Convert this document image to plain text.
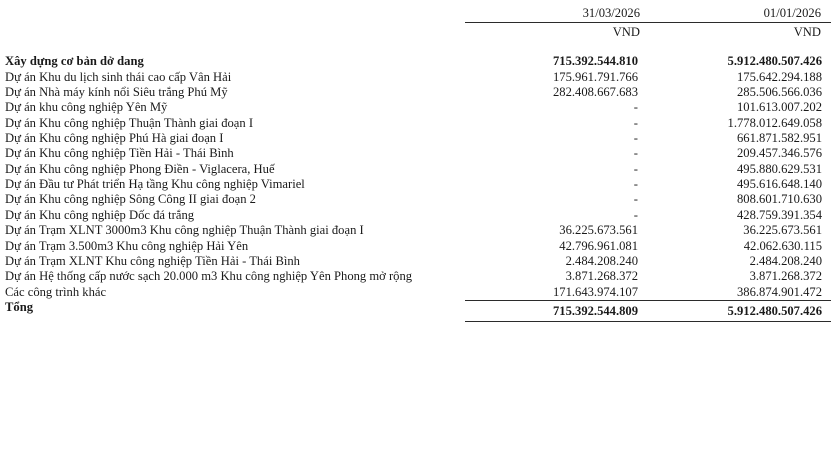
	31/03/2026	01/01/2026
	VND	VND

Xây dựng cơ bản dở dang	715.392.544.810	5.912.480.507.426
Dự án Khu du lịch sinh thái cao cấp Vân Hải	175.961.791.766	175.642.294.188
Dự án Nhà máy kính nổi Siêu trắng Phú Mỹ	282.408.667.683	285.506.566.036
Dự án khu công nghiệp Yên Mỹ	-	101.613.007.202
Dự án Khu công nghiệp Thuận Thành giai đoạn I	-	1.778.012.649.058
Dự án Khu công nghiệp Phú Hà giai đoạn I	-	661.871.582.951
Dự án Khu công nghiệp Tiền Hải - Thái Bình	-	209.457.346.576
Dự án Khu công nghiệp Phong Điền - Viglacera, Huế	-	495.880.629.531
Dự án Đầu tư Phát triển Hạ tầng Khu công nghiệp Vimariel	-	495.616.648.140
Dự án Khu công nghiệp Sông Công II giai đoạn 2	-	808.601.710.630
Dự án Khu công nghiệp Dốc đá trắng	-	428.759.391.354
Dự án Trạm XLNT 3000m3 Khu công nghiệp Thuận Thành giai đoạn I	36.225.673.561	36.225.673.561
Dự án Trạm 3.500m3 Khu công nghiệp Hải Yên	42.796.961.081	42.062.630.115
Dự án Trạm XLNT Khu công nghiệp Tiền Hải - Thái Bình	2.484.208.240	2.484.208.240
Dự án Hệ thống cấp nước sạch 20.000 m3 Khu công nghiệp Yên Phong mở rộng	3.871.268.372	3.871.268.372
Các công trình khác	171.643.974.107	386.874.901.472
Tổng	715.392.544.809	5.912.480.507.426
